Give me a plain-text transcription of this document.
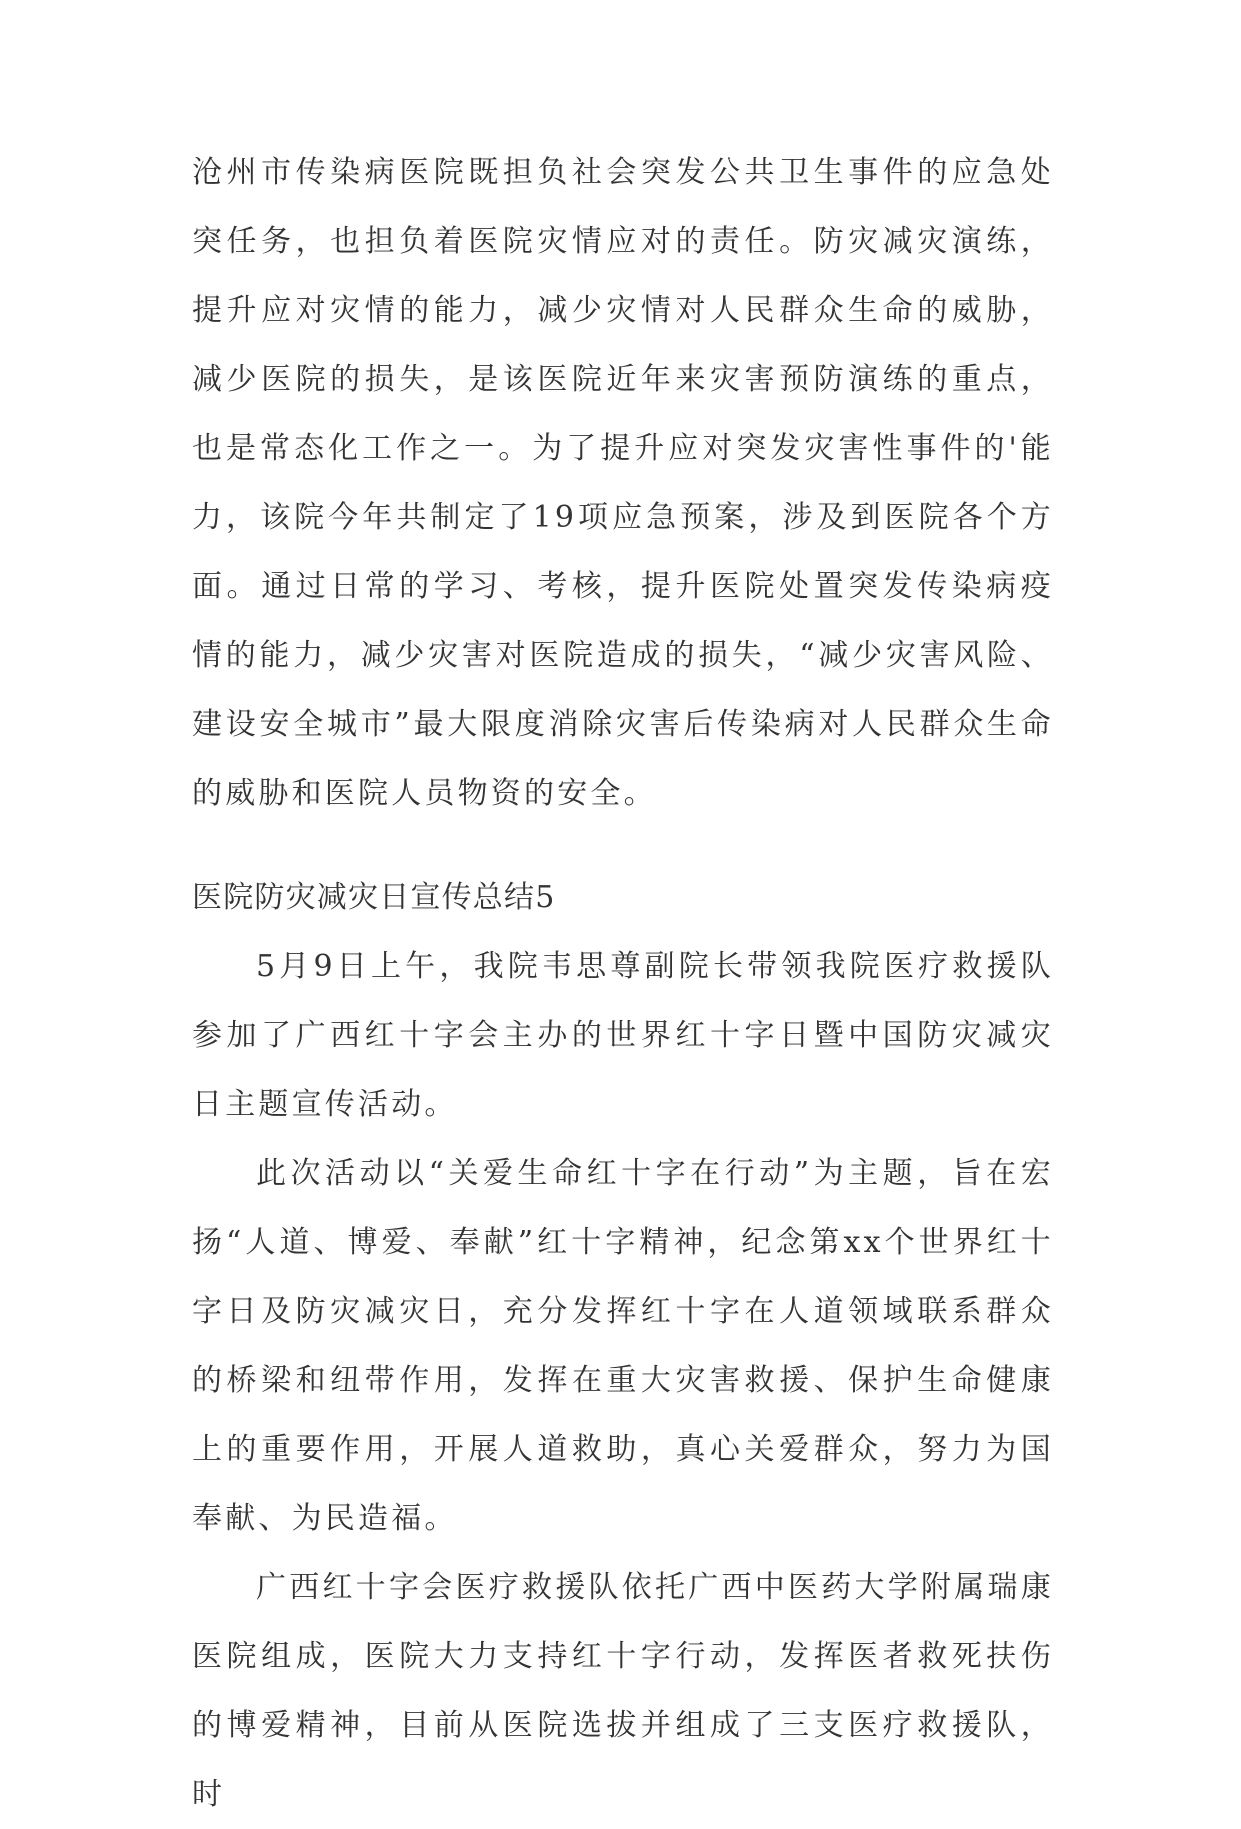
沧州市传染病医院既担负社会突发公共卫生事件的应急处突任务，也担负着医院灾情应对的责任。防灾减灾演练，提升应对灾情的能力，减少灾情对人民群众生命的威胁，减少医院的损失，是该医院近年来灾害预防演练的重点，也是常态化工作之一。为了提升应对突发灾害性事件的'能力，该院今年共制定了19项应急预案，涉及到医院各个方面。通过日常的学习、考核，提升医院处置突发传染病疫情的能力，减少灾害对医院造成的损失，“减少灾害风险、建设安全城市”最大限度消除灾害后传染病对人民群众生命的威胁和医院人员物资的安全。

医院防灾减灾日宣传总结5

5月9日上午，我院韦思尊副院长带领我院医疗救援队参加了广西红十字会主办的世界红十字日暨中国防灾减灾日主题宣传活动。

此次活动以“关爱生命红十字在行动”为主题，旨在宏扬“人道、博爱、奉献”红十字精神，纪念第xx个世界红十字日及防灾减灾日，充分发挥红十字在人道领域联系群众的桥梁和纽带作用，发挥在重大灾害救援、保护生命健康上的重要作用，开展人道救助，真心关爱群众，努力为国奉献、为民造福。

广西红十字会医疗救援队依托广西中医药大学附属瑞康医院组成，医院大力支持红十字行动，发挥医者救死扶伤的博爱精神，目前从医院选拔并组成了三支医疗救援队，时
